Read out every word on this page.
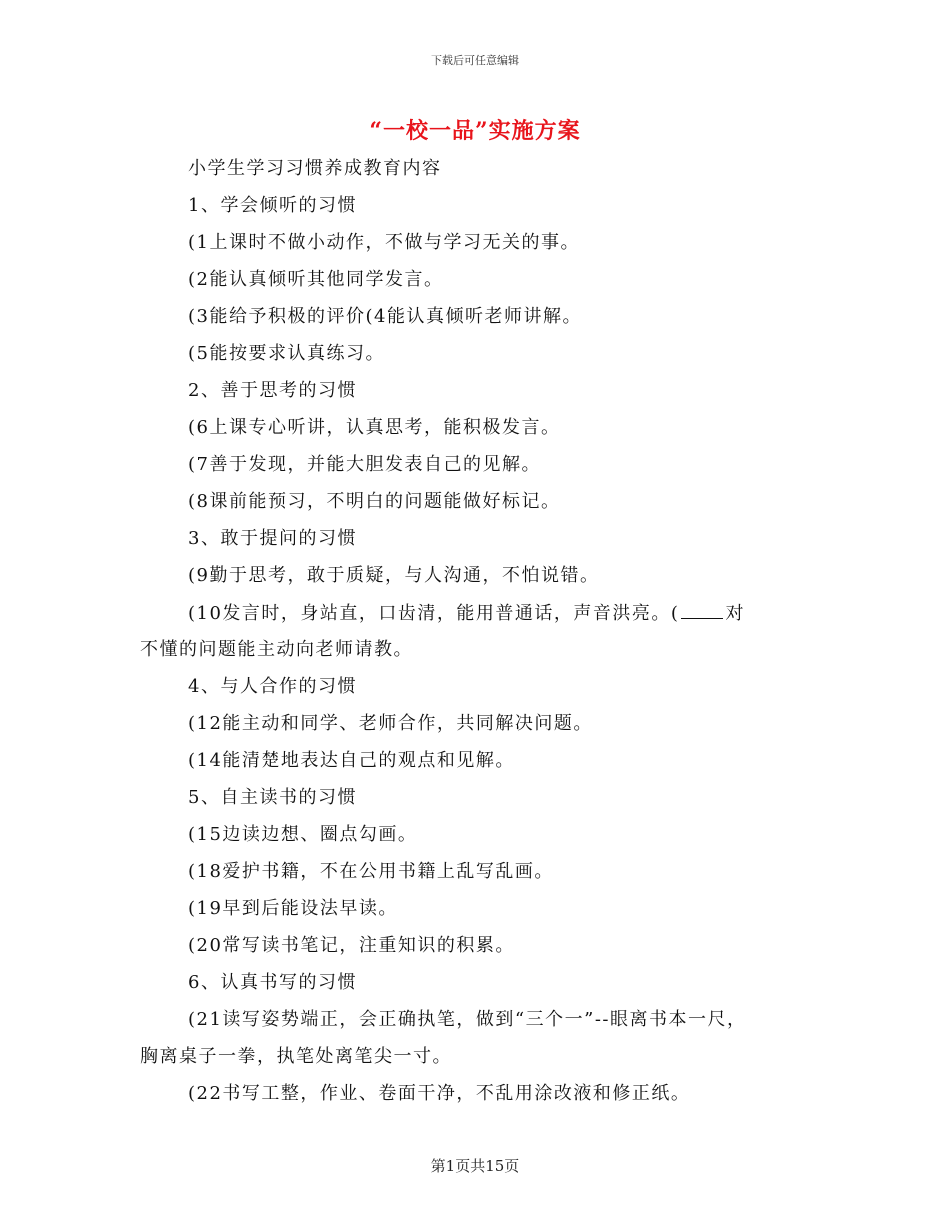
下载后可任意编辑
“一校一品”实施方案
小学生学习习惯养成教育内容
1、学会倾听的习惯
(1上课时不做小动作，不做与学习无关的事。
(2能认真倾听其他同学发言。
(3能给予积极的评价(4能认真倾听老师讲解。
(5能按要求认真练习。
2、善于思考的习惯
(6上课专心听讲，认真思考，能积极发言。
(7善于发现，并能大胆发表自己的见解。
(8课前能预习，不明白的问题能做好标记。
3、敢于提问的习惯
(9勤于思考，敢于质疑，与人沟通，不怕说错。
(10发言时，身站直，口齿清，能用普通话，声音洪亮。(	对
不懂的问题能主动向老师请教。
4、与人合作的习惯
(12能主动和同学、老师合作，共同解决问题。
(14能清楚地表达自己的观点和见解。
5、自主读书的习惯
(15边读边想、圈点勾画。
(18爱护书籍，不在公用书籍上乱写乱画。
(19早到后能设法早读。
(20常写读书笔记，注重知识的积累。
6、认真书写的习惯
(21读写姿势端正，会正确执笔，做到“三个一”--眼离书本一尺，
胸离桌子一拳，执笔处离笔尖一寸。
(22书写工整，作业、卷面干净，不乱用涂改液和修正纸。
第1页共15页
